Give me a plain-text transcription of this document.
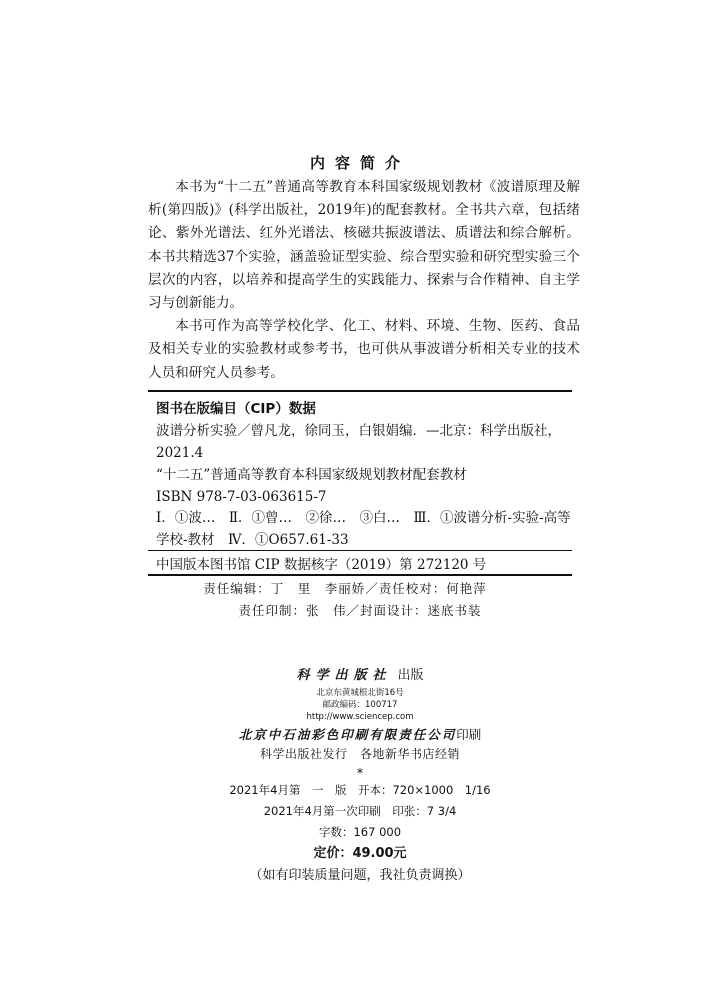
内容简介

本书为“十二五”普通高等教育本科国家级规划教材《波谱原理及解析(第四版)》(科学出版社，2019年)的配套教材。全书共六章，包括绪论、紫外光谱法、红外光谱法、核磁共振波谱法、质谱法和综合解析。本书共精选37个实验，涵盖验证型实验、综合型实验和研究型实验三个层次的内容，以培养和提高学生的实践能力、探索与合作精神、自主学习与创新能力。

本书可作为高等学校化学、化工、材料、环境、生物、医药、食品及相关专业的实验教材或参考书，也可供从事波谱分析相关专业的技术人员和研究人员参考。

图书在版编目（CIP）数据
波谱分析实验／曾凡龙，徐同玉，白银娟编．—北京：科学出版社，
2021.4
“十二五”普通高等教育本科国家级规划教材配套教材
ISBN 978-7-03-063615-7
Ⅰ．①波…　Ⅱ．①曾…　②徐…　③白…　Ⅲ．①波谱分析-实验-高等
学校-教材　Ⅳ．①O657.61-33
中国版本图书馆 CIP 数据核字（2019）第 272120 号
责任编辑：丁　里　李丽娇／责任校对：何艳萍
责任印制：张　伟／封面设计：迷底书装
科学出版社 出版
北京东黄城根北街16号
邮政编码：100717
http://www.sciencep.com
北京中石油彩色印刷有限责任公司印刷
科学出版社发行　各地新华书店经销
*
2021年4月第　一　版　开本：720×1000　1/16
2021年4月第一次印刷　印张：7 3/4
字数：167 000
定价：49.00元
（如有印装质量问题，我社负责调换）
